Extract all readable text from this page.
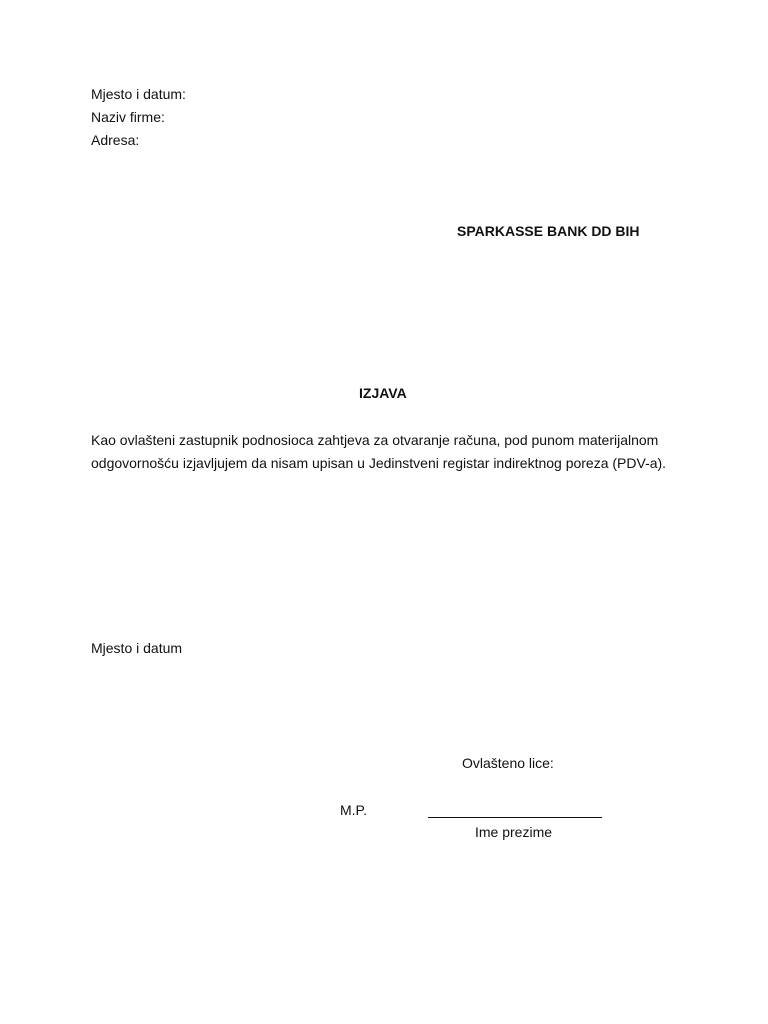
Mjesto i datum:
Naziv firme:
Adresa:
SPARKASSE BANK DD BIH
IZJAVA
Kao ovlašteni zastupnik podnosioca zahtjeva za otvaranje računa, pod punom materijalnom
odgovornošću izjavljujem da nisam upisan u Jedinstveni registar indirektnog poreza (PDV-a).
Mjesto i datum
Ovlašteno lice:
M.P.
Ime prezime
